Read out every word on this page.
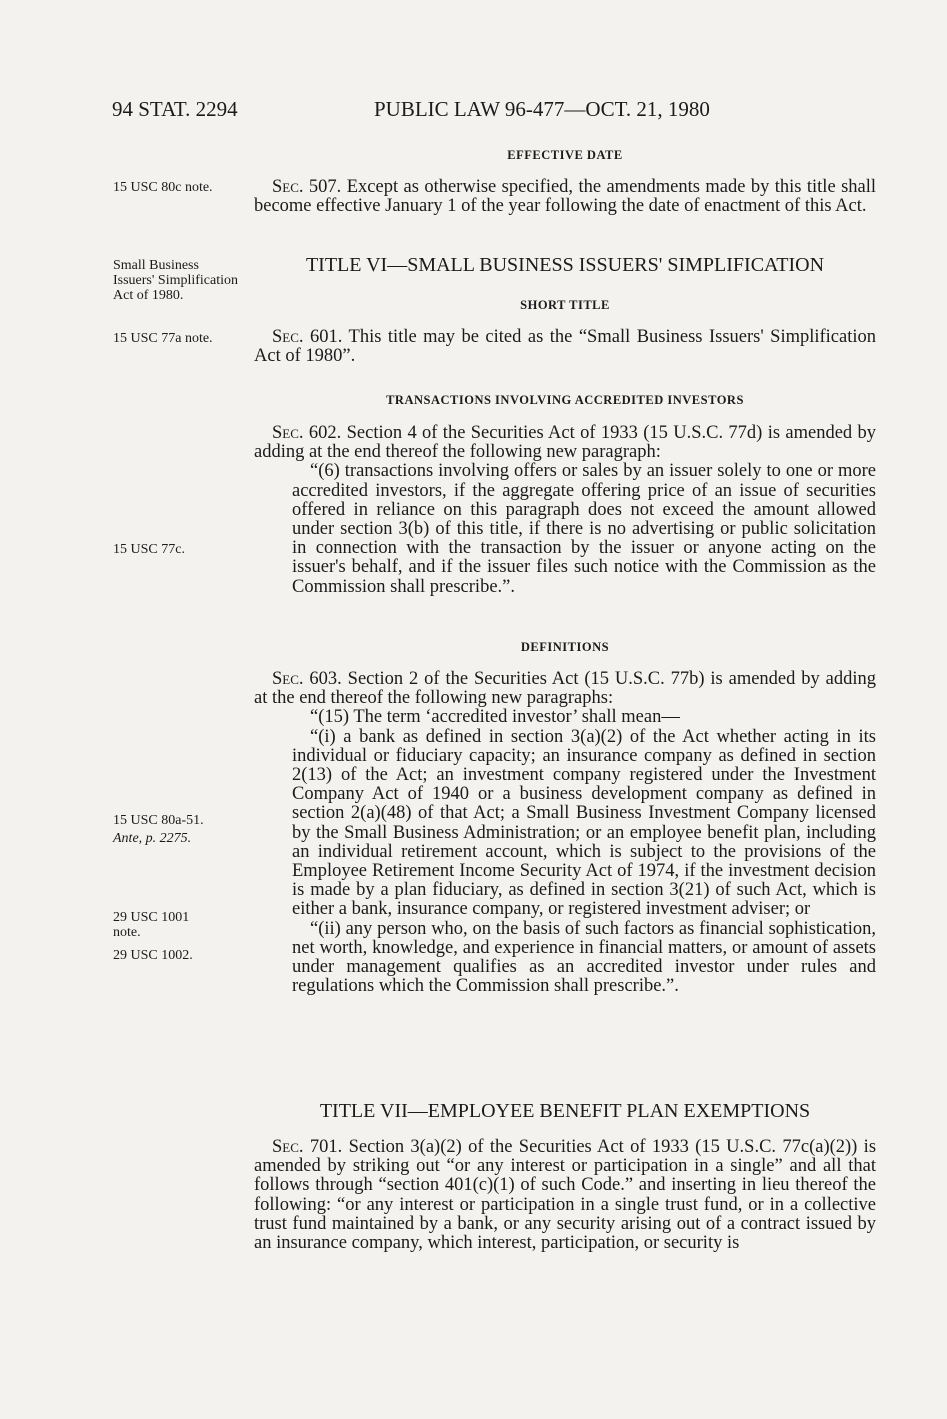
94 STAT. 2294	PUBLIC LAW 96-477—OCT. 21, 1980
15 USC 80c note.
Small Business Issuers' Simplification Act of 1980.
15 USC 77a note.
15 USC 77c.
15 USC 80a-51.
Ante, p. 2275.
29 USC 1001 note.
29 USC 1002.
EFFECTIVE DATE

Sec. 507. Except as otherwise specified, the amendments made by this title shall become effective January 1 of the year following the date of enactment of this Act.

TITLE VI—SMALL BUSINESS ISSUERS' SIMPLIFICATION
SHORT TITLE

Sec. 601. This title may be cited as the “Small Business Issuers' Simplification Act of 1980”.

TRANSACTIONS INVOLVING ACCREDITED INVESTORS

Sec. 602. Section 4 of the Securities Act of 1933 (15 U.S.C. 77d) is amended by adding at the end thereof the following new paragraph:

“(6) transactions involving offers or sales by an issuer solely to one or more accredited investors, if the aggregate offering price of an issue of securities offered in reliance on this paragraph does not exceed the amount allowed under section 3(b) of this title, if there is no advertising or public solicitation in connection with the transaction by the issuer or anyone acting on the issuer's behalf, and if the issuer files such notice with the Commission as the Commission shall prescribe.”.

DEFINITIONS

Sec. 603. Section 2 of the Securities Act (15 U.S.C. 77b) is amended by adding at the end thereof the following new paragraphs:

“(15) The term ‘accredited investor’ shall mean—

“(i) a bank as defined in section 3(a)(2) of the Act whether acting in its individual or fiduciary capacity; an insurance company as defined in section 2(13) of the Act; an investment company registered under the Investment Company Act of 1940 or a business development company as defined in section 2(a)(48) of that Act; a Small Business Investment Company licensed by the Small Business Administration; or an employee benefit plan, including an individual retirement account, which is subject to the provisions of the Employee Retirement Income Security Act of 1974, if the investment decision is made by a plan fiduciary, as defined in section 3(21) of such Act, which is either a bank, insurance company, or registered investment adviser; or

“(ii) any person who, on the basis of such factors as financial sophistication, net worth, knowledge, and experience in financial matters, or amount of assets under management qualifies as an accredited investor under rules and regulations which the Commission shall prescribe.”.

TITLE VII—EMPLOYEE BENEFIT PLAN EXEMPTIONS

Sec. 701. Section 3(a)(2) of the Securities Act of 1933 (15 U.S.C. 77c(a)(2)) is amended by striking out “or any interest or participation in a single” and all that follows through “section 401(c)(1) of such Code.” and inserting in lieu thereof the following: “or any interest or participation in a single trust fund, or in a collective trust fund maintained by a bank, or any security arising out of a contract issued by an insurance company, which interest, participation, or security is
